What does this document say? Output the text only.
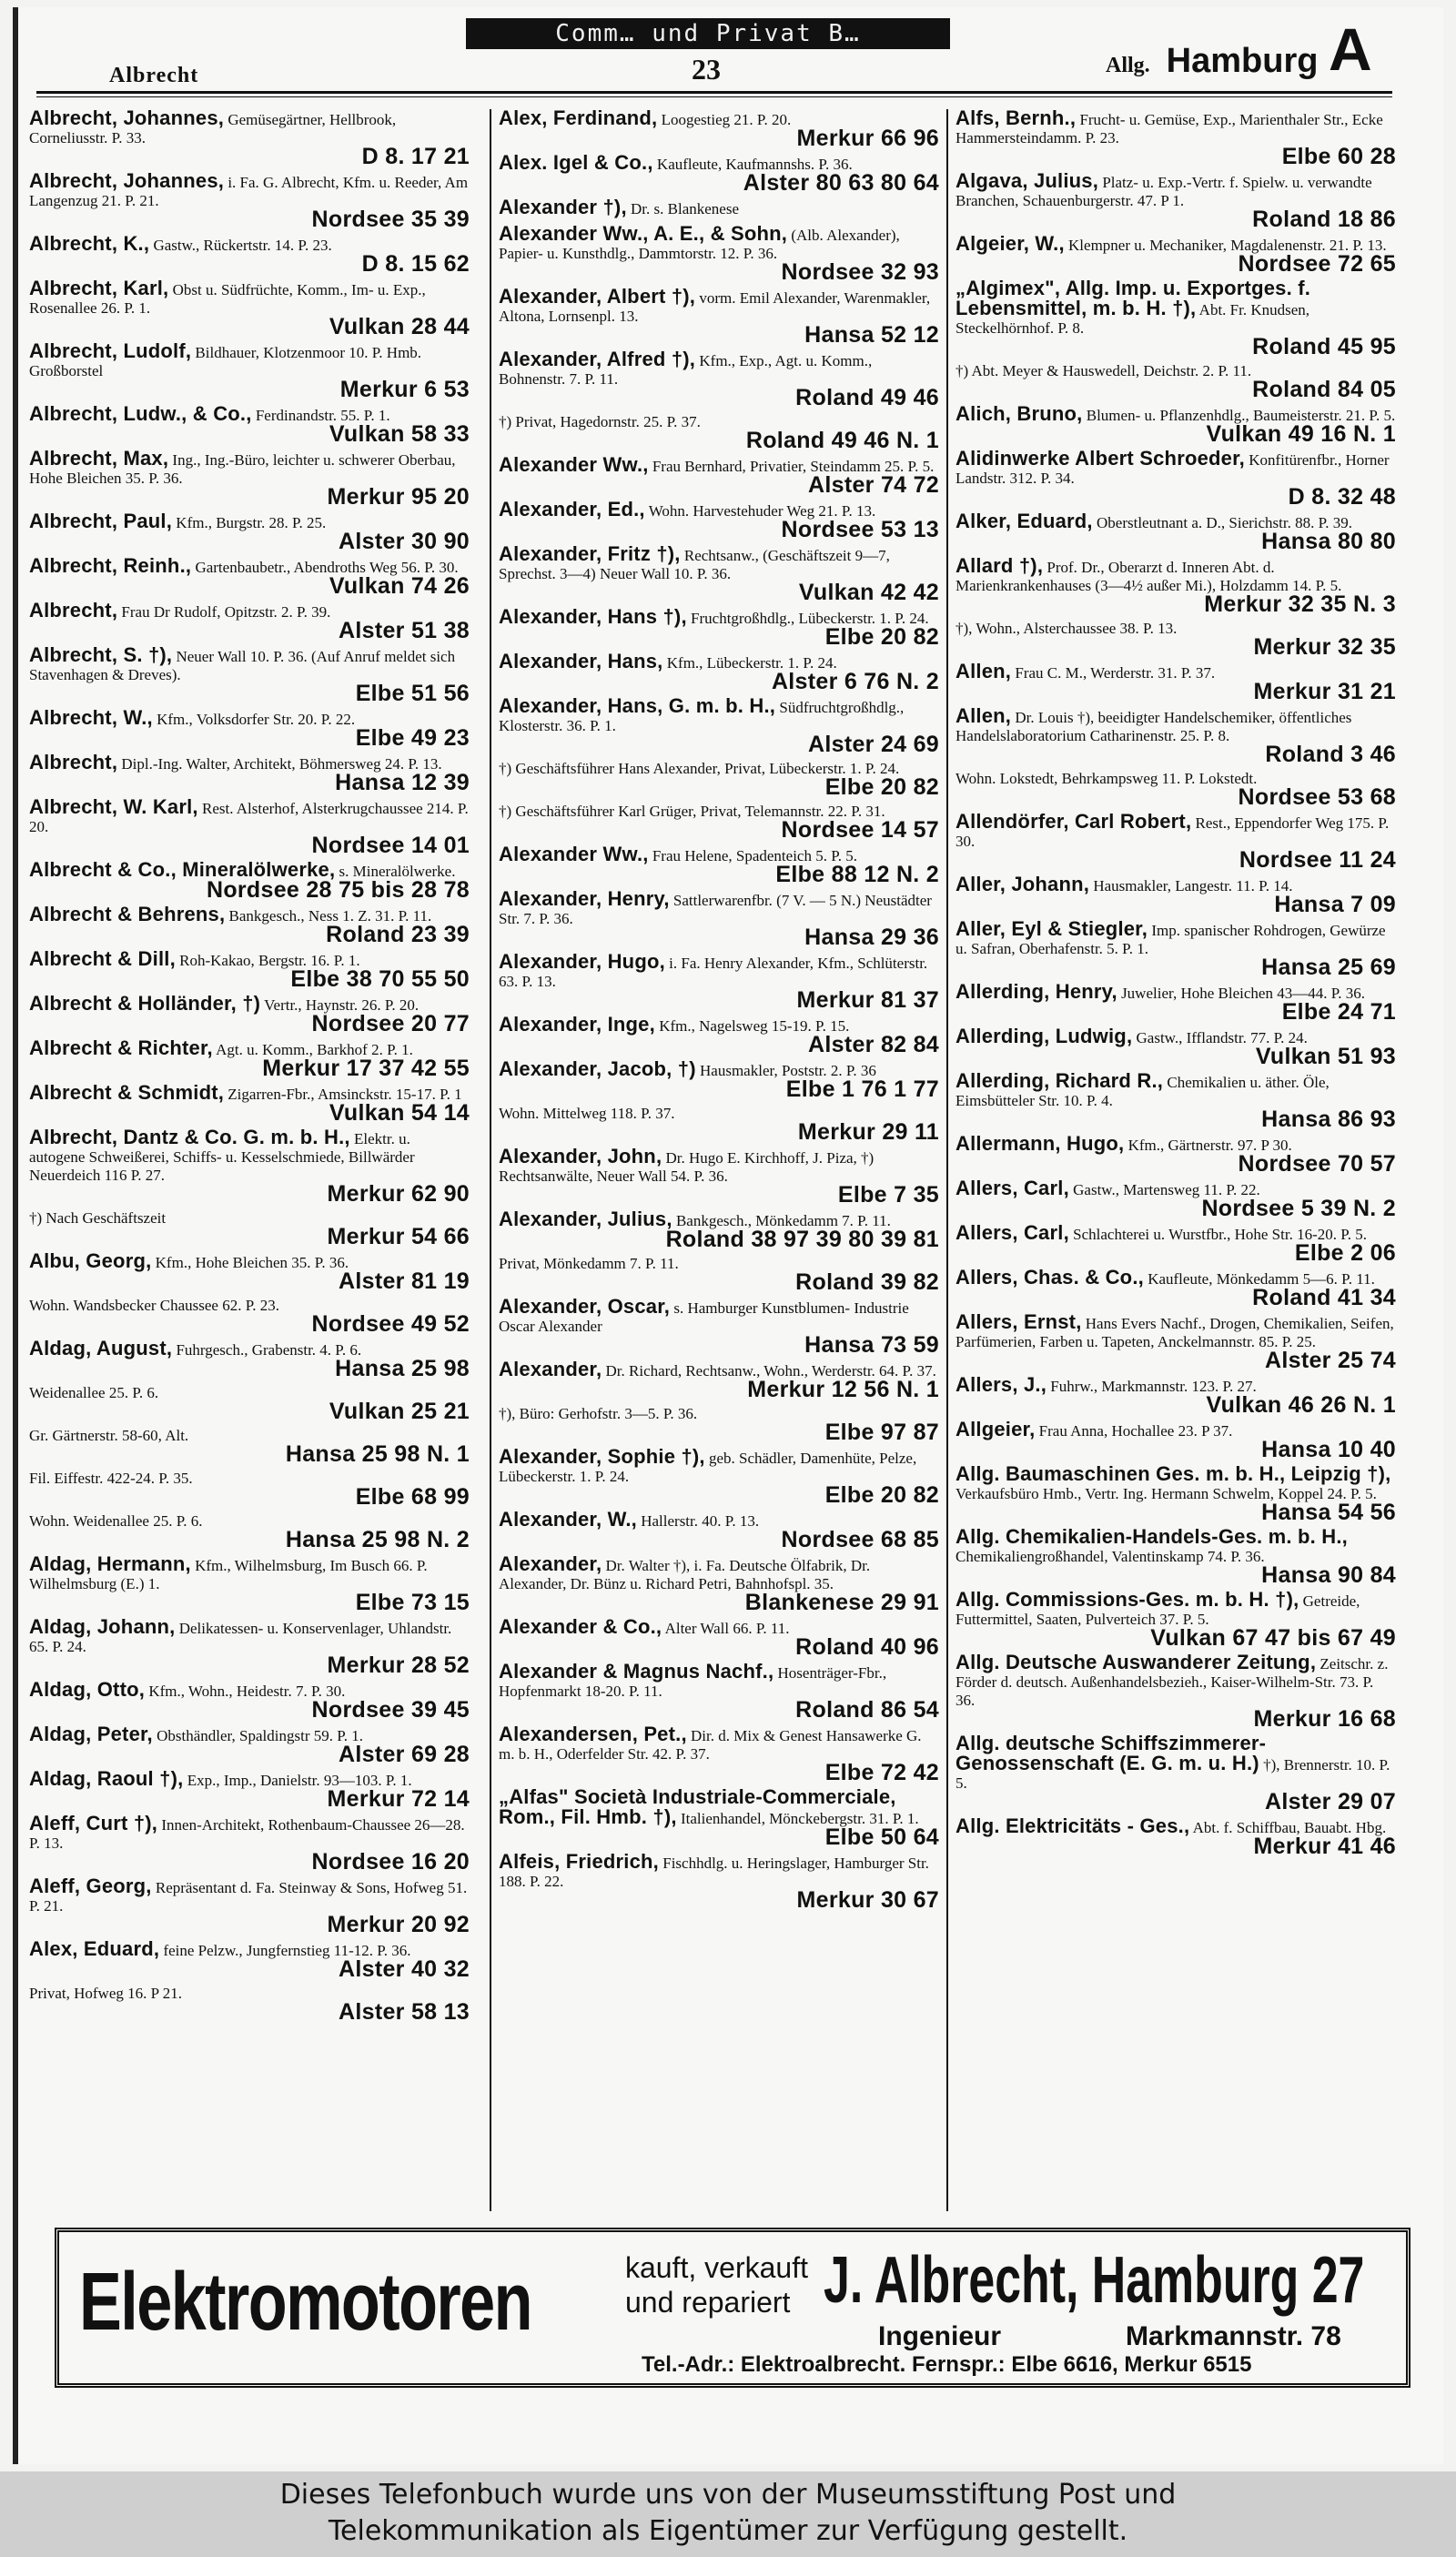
Comm… und Privat B…
Albrecht	23	Allg. Hamburg A
Albrecht, Johannes, Gemüsegärtner, Hellbrook, Corneliusstr. P. 33.
D 8. 17 21
Albrecht, Johannes, i. Fa. G. Albrecht, Kfm. u. Reeder, Am Langenzug 21. P. 21.
Nordsee 35 39
Albrecht, K., Gastw., Rückertstr. 14. P. 23.
D 8. 15 62
Albrecht, Karl, Obst u. Südfrüchte, Komm., Im- u. Exp., Rosenallee 26. P. 1.
Vulkan 28 44
Albrecht, Ludolf, Bildhauer, Klotzenmoor 10. P. Hmb. Großborstel
Merkur 6 53
Albrecht, Ludw., & Co., Ferdinandstr. 55. P. 1.
Vulkan 58 33
Albrecht, Max, Ing., Ing.-Büro, leichter u. schwerer Oberbau, Hohe Bleichen 35. P. 36.
Merkur 95 20
Albrecht, Paul, Kfm., Burgstr. 28. P. 25.
Alster 30 90
Albrecht, Reinh., Gartenbaubetr., Abendroths Weg 56. P. 30.
Vulkan 74 26
Albrecht, Frau Dr Rudolf, Opitzstr. 2. P. 39.
Alster 51 38
Albrecht, S. †), Neuer Wall 10. P. 36. (Auf Anruf meldet sich Stavenhagen & Dreves).
Elbe 51 56
Albrecht, W., Kfm., Volksdorfer Str. 20. P. 22.
Elbe 49 23
Albrecht, Dipl.-Ing. Walter, Architekt, Böhmersweg 24. P. 13.
Hansa 12 39
Albrecht, W. Karl, Rest. Alsterhof, Alsterkrugchaussee 214. P. 20.
Nordsee 14 01
Albrecht & Co., Mineralölwerke, s. Mineralölwerke.
Nordsee 28 75 bis 28 78
Albrecht & Behrens, Bankgesch., Ness 1. Z. 31. P. 11.
Roland 23 39
Albrecht & Dill, Roh-Kakao, Bergstr. 16. P. 1.
Elbe 38 70 55 50
Albrecht & Holländer, †) Vertr., Haynstr. 26. P. 20.
Nordsee 20 77
Albrecht & Richter, Agt. u. Komm., Barkhof 2. P. 1.
Merkur 17 37 42 55
Albrecht & Schmidt, Zigarren-Fbr., Amsinckstr. 15-17. P. 1
Vulkan 54 14
Albrecht, Dantz & Co. G. m. b. H., Elektr. u. autogene Schweißerei, Schiffs- u. Kesselschmiede, Billwärder Neuerdeich 116 P. 27.
Merkur 62 90
†) Nach Geschäftszeit
Merkur 54 66
Albu, Georg, Kfm., Hohe Bleichen 35. P. 36.
Alster 81 19
Wohn. Wandsbecker Chaussee 62. P. 23.
Nordsee 49 52
Aldag, August, Fuhrgesch., Grabenstr. 4. P. 6.
Hansa 25 98
Weidenallee 25. P. 6.
Vulkan 25 21
Gr. Gärtnerstr. 58-60, Alt.
Hansa 25 98 N. 1
Fil. Eiffestr. 422-24. P. 35.
Elbe 68 99
Wohn. Weidenallee 25. P. 6.
Hansa 25 98 N. 2
Aldag, Hermann, Kfm., Wilhelmsburg, Im Busch 66. P. Wilhelmsburg (E.) 1.
Elbe 73 15
Aldag, Johann, Delikatessen- u. Konservenlager, Uhlandstr. 65. P. 24.
Merkur 28 52
Aldag, Otto, Kfm., Wohn., Heidestr. 7. P. 30.
Nordsee 39 45
Aldag, Peter, Obsthändler, Spaldingstr 59. P. 1.
Alster 69 28
Aldag, Raoul †), Exp., Imp., Danielstr. 93—103. P. 1.
Merkur 72 14
Aleff, Curt †), Innen-Architekt, Rothenbaum-Chaussee 26—28. P. 13.
Nordsee 16 20
Aleff, Georg, Repräsentant d. Fa. Steinway & Sons, Hofweg 51. P. 21.
Merkur 20 92
Alex, Eduard, feine Pelzw., Jungfernstieg 11-12. P. 36.
Alster 40 32
Privat, Hofweg 16. P 21.
Alster 58 13
Alex, Ferdinand, Loogestieg 21. P. 20.
Merkur 66 96
Alex. Igel & Co., Kaufleute, Kaufmannshs. P. 36.
Alster 80 63 80 64
Alexander †), Dr. s. Blankenese
Alexander Ww., A. E., & Sohn, (Alb. Alexander), Papier- u. Kunsthdlg., Dammtorstr. 12. P. 36.
Nordsee 32 93
Alexander, Albert †), vorm. Emil Alexander, Warenmakler, Altona, Lornsenpl. 13.
Hansa 52 12
Alexander, Alfred †), Kfm., Exp., Agt. u. Komm., Bohnenstr. 7. P. 11.
Roland 49 46
†) Privat, Hagedornstr. 25. P. 37.
Roland 49 46 N. 1
Alexander Ww., Frau Bernhard, Privatier, Steindamm 25. P. 5.
Alster 74 72
Alexander, Ed., Wohn. Harvestehuder Weg 21. P. 13.
Nordsee 53 13
Alexander, Fritz †), Rechtsanw., (Geschäftszeit 9—7, Sprechst. 3—4) Neuer Wall 10. P. 36.
Vulkan 42 42
Alexander, Hans †), Fruchtgroßhdlg., Lübeckerstr. 1. P. 24.
Elbe 20 82
Alexander, Hans, Kfm., Lübeckerstr. 1. P. 24.
Alster 6 76 N. 2
Alexander, Hans, G. m. b. H., Südfruchtgroßhdlg., Klosterstr. 36. P. 1.
Alster 24 69
†) Geschäftsführer Hans Alexander, Privat, Lübeckerstr. 1. P. 24.
Elbe 20 82
†) Geschäftsführer Karl Grüger, Privat, Telemannstr. 22. P. 31.
Nordsee 14 57
Alexander Ww., Frau Helene, Spadenteich 5. P. 5.
Elbe 88 12 N. 2
Alexander, Henry, Sattlerwarenfbr. (7 V. — 5 N.) Neustädter Str. 7. P. 36.
Hansa 29 36
Alexander, Hugo, i. Fa. Henry Alexander, Kfm., Schlüterstr. 63. P. 13.
Merkur 81 37
Alexander, Inge, Kfm., Nagelsweg 15-19. P. 15.
Alster 82 84
Alexander, Jacob, †) Hausmakler, Poststr. 2. P. 36
Elbe 1 76 1 77
Wohn. Mittelweg 118. P. 37.
Merkur 29 11
Alexander, John, Dr. Hugo E. Kirchhoff, J. Piza, †) Rechtsanwälte, Neuer Wall 54. P. 36.
Elbe 7 35
Alexander, Julius, Bankgesch., Mönkedamm 7. P. 11.
Roland 38 97 39 80 39 81
Privat, Mönkedamm 7. P. 11.
Roland 39 82
Alexander, Oscar, s. Hamburger Kunstblumen- Industrie Oscar Alexander
Hansa 73 59
Alexander, Dr. Richard, Rechtsanw., Wohn., Werderstr. 64. P. 37.
Merkur 12 56 N. 1
†), Büro: Gerhofstr. 3—5. P. 36.
Elbe 97 87
Alexander, Sophie †), geb. Schädler, Damenhüte, Pelze, Lübeckerstr. 1. P. 24.
Elbe 20 82
Alexander, W., Hallerstr. 40. P. 13.
Nordsee 68 85
Alexander, Dr. Walter †), i. Fa. Deutsche Ölfabrik, Dr. Alexander, Dr. Bünz u. Richard Petri, Bahnhofspl. 35.
Blankenese 29 91
Alexander & Co., Alter Wall 66. P. 11.
Roland 40 96
Alexander & Magnus Nachf., Hosenträger-Fbr., Hopfenmarkt 18-20. P. 11.
Roland 86 54
Alexandersen, Pet., Dir. d. Mix & Genest Hansawerke G. m. b. H., Oderfelder Str. 42. P. 37.
Elbe 72 42
„Alfas" Società Industriale-Commerciale, Rom., Fil. Hmb. †), Italienhandel, Mönckebergstr. 31. P. 1.
Elbe 50 64
Alfeis, Friedrich, Fischhdlg. u. Heringslager, Hamburger Str. 188. P. 22.
Merkur 30 67
Alfs, Bernh., Frucht- u. Gemüse, Exp., Marienthaler Str., Ecke Hammersteindamm. P. 23.
Elbe 60 28
Algava, Julius, Platz- u. Exp.-Vertr. f. Spielw. u. verwandte Branchen, Schauenburgerstr. 47. P 1.
Roland 18 86
Algeier, W., Klempner u. Mechaniker, Magdalenenstr. 21. P. 13.
Nordsee 72 65
„Algimex", Allg. Imp. u. Exportges. f. Lebensmittel, m. b. H. †), Abt. Fr. Knudsen, Steckelhörnhof. P. 8.
Roland 45 95
†) Abt. Meyer & Hauswedell, Deichstr. 2. P. 11.
Roland 84 05
Alich, Bruno, Blumen- u. Pflanzenhdlg., Baumeisterstr. 21. P. 5.
Vulkan 49 16 N. 1
Alidinwerke Albert Schroeder, Konfitürenfbr., Horner Landstr. 312. P. 34.
D 8. 32 48
Alker, Eduard, Oberstleutnant a. D., Sierichstr. 88. P. 39.
Hansa 80 80
Allard †), Prof. Dr., Oberarzt d. Inneren Abt. d. Marienkrankenhauses (3—4½ außer Mi.), Holzdamm 14. P. 5.
Merkur 32 35 N. 3
†), Wohn., Alsterchaussee 38. P. 13.
Merkur 32 35
Allen, Frau C. M., Werderstr. 31. P. 37.
Merkur 31 21
Allen, Dr. Louis †), beeidigter Handelschemiker, öffentliches Handelslaboratorium Catharinenstr. 25. P. 8.
Roland 3 46
Wohn. Lokstedt, Behrkampsweg 11. P. Lokstedt.
Nordsee 53 68
Allendörfer, Carl Robert, Rest., Eppendorfer Weg 175. P. 30.
Nordsee 11 24
Aller, Johann, Hausmakler, Langestr. 11. P. 14.
Hansa 7 09
Aller, Eyl & Stiegler, Imp. spanischer Rohdrogen, Gewürze u. Safran, Oberhafenstr. 5. P. 1.
Hansa 25 69
Allerding, Henry, Juwelier, Hohe Bleichen 43—44. P. 36.
Elbe 24 71
Allerding, Ludwig, Gastw., Ifflandstr. 77. P. 24.
Vulkan 51 93
Allerding, Richard R., Chemikalien u. äther. Öle, Eimsbütteler Str. 10. P. 4.
Hansa 86 93
Allermann, Hugo, Kfm., Gärtnerstr. 97. P 30.
Nordsee 70 57
Allers, Carl, Gastw., Martensweg 11. P. 22.
Nordsee 5 39 N. 2
Allers, Carl, Schlachterei u. Wurstfbr., Hohe Str. 16-20. P. 5.
Elbe 2 06
Allers, Chas. & Co., Kaufleute, Mönkedamm 5—6. P. 11.
Roland 41 34
Allers, Ernst, Hans Evers Nachf., Drogen, Chemikalien, Seifen, Parfümerien, Farben u. Tapeten, Anckelmannstr. 85. P. 25.
Alster 25 74
Allers, J., Fuhrw., Markmannstr. 123. P. 27.
Vulkan 46 26 N. 1
Allgeier, Frau Anna, Hochallee 23. P 37.
Hansa 10 40
Allg. Baumaschinen Ges. m. b. H., Leipzig †), Verkaufsbüro Hmb., Vertr. Ing. Hermann Schwelm, Koppel 24. P. 5.
Hansa 54 56
Allg. Chemikalien-Handels-Ges. m. b. H., Chemikaliengroßhandel, Valentinskamp 74. P. 36.
Hansa 90 84
Allg. Commissions-Ges. m. b. H. †), Getreide, Futtermittel, Saaten, Pulverteich 37. P. 5.
Vulkan 67 47 bis 67 49
Allg. Deutsche Auswanderer Zeitung, Zeitschr. z. Förder d. deutsch. Außenhandelsbezieh., Kaiser-Wilhelm-Str. 73. P. 36.
Merkur 16 68
Allg. deutsche Schiffszimmerer-Genossenschaft (E. G. m. u. H.) †), Brennerstr. 10. P. 5.
Alster 29 07
Allg. Elektricitäts - Ges., Abt. f. Schiffbau, Bauabt. Hbg.
Merkur 41 46
Elektromotoren	kauft, verkauft
und repariert J. Albrecht, Hamburg 27
Ingenieur	Markmannstr. 78
Tel.-Adr.: Elektroalbrecht. Fernspr.: Elbe 6616, Merkur 6515
Dieses Telefonbuch wurde uns von der Museumsstiftung Post und
Telekommunikation als Eigentümer zur Verfügung gestellt.
